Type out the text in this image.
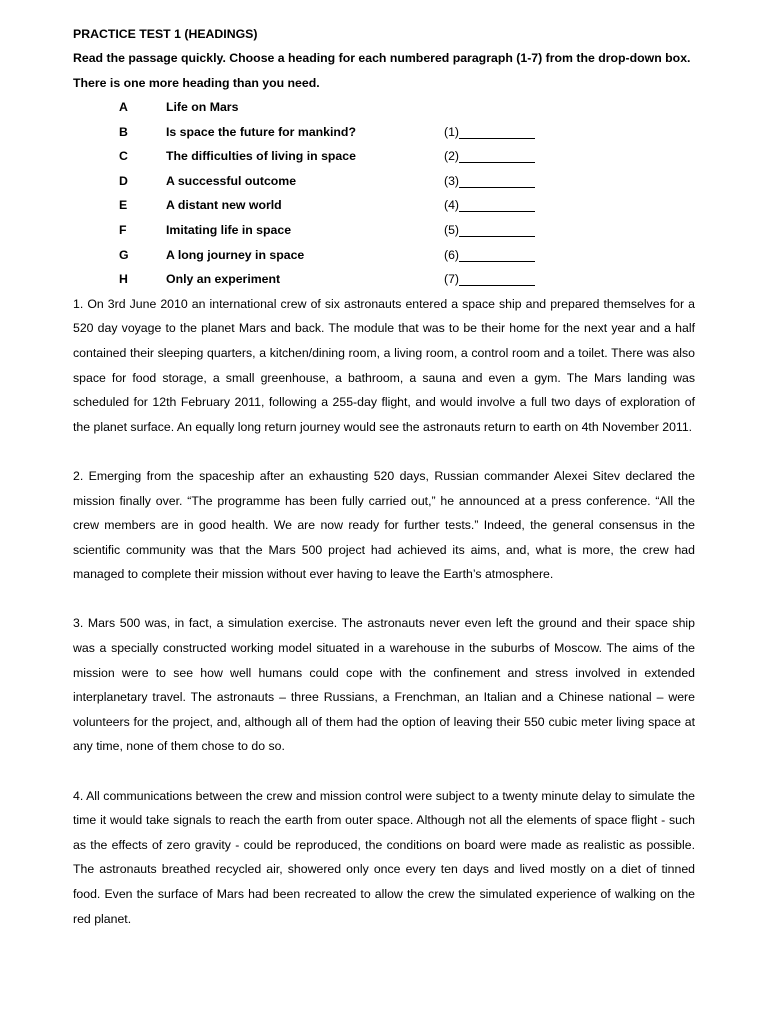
PRACTICE TEST 1 (HEADINGS)
Read the passage quickly. Choose a heading for each numbered paragraph (1-7) from the drop-down box.
There is one more heading than you need.
A	Life on Mars
B	Is space the future for mankind?	(1)
C	The difficulties of living in space	(2)
D	A successful outcome	(3)
E	A distant new world	(4)
F	Imitating life in space	(5)
G	A long journey in space	(6)
H	Only an experiment	(7)

1. On 3rd June 2010 an international crew of six astronauts entered a space ship and prepared themselves for a 520 day voyage to the planet Mars and back. The module that was to be their home for the next year and a half contained their sleeping quarters, a kitchen/dining room, a living room, a control room and a toilet. There was also space for food storage, a small greenhouse, a bathroom, a sauna and even a gym. The Mars landing was scheduled for 12th February 2011, following a 255-day flight, and would involve a full two days of exploration of the planet surface. An equally long return journey would see the astronauts return to earth on 4th November 2011.

2. Emerging from the spaceship after an exhausting 520 days, Russian commander Alexei Sitev declared the mission finally over. “The programme has been fully carried out,” he announced at a press conference. “All the crew members are in good health. We are now ready for further tests.” Indeed, the general consensus in the scientific community was that the Mars 500 project had achieved its aims, and, what is more, the crew had managed to complete their mission without ever having to leave the Earth’s atmosphere.

3. Mars 500 was, in fact, a simulation exercise. The astronauts never even left the ground and their space ship was a specially constructed working model situated in a warehouse in the suburbs of Moscow. The aims of the mission were to see how well humans could cope with the confinement and stress involved in extended interplanetary travel. The astronauts – three Russians, a Frenchman, an Italian and a Chinese national – were volunteers for the project, and, although all of them had the option of leaving their 550 cubic meter living space at any time, none of them chose to do so.

4. All communications between the crew and mission control were subject to a twenty minute delay to simulate the time it would take signals to reach the earth from outer space. Although not all the elements of space flight - such as the effects of zero gravity - could be reproduced, the conditions on board were made as realistic as possible. The astronauts breathed recycled air, showered only once every ten days and lived mostly on a diet of tinned food. Even the surface of Mars had been recreated to allow the crew the simulated experience of walking on the red planet.
